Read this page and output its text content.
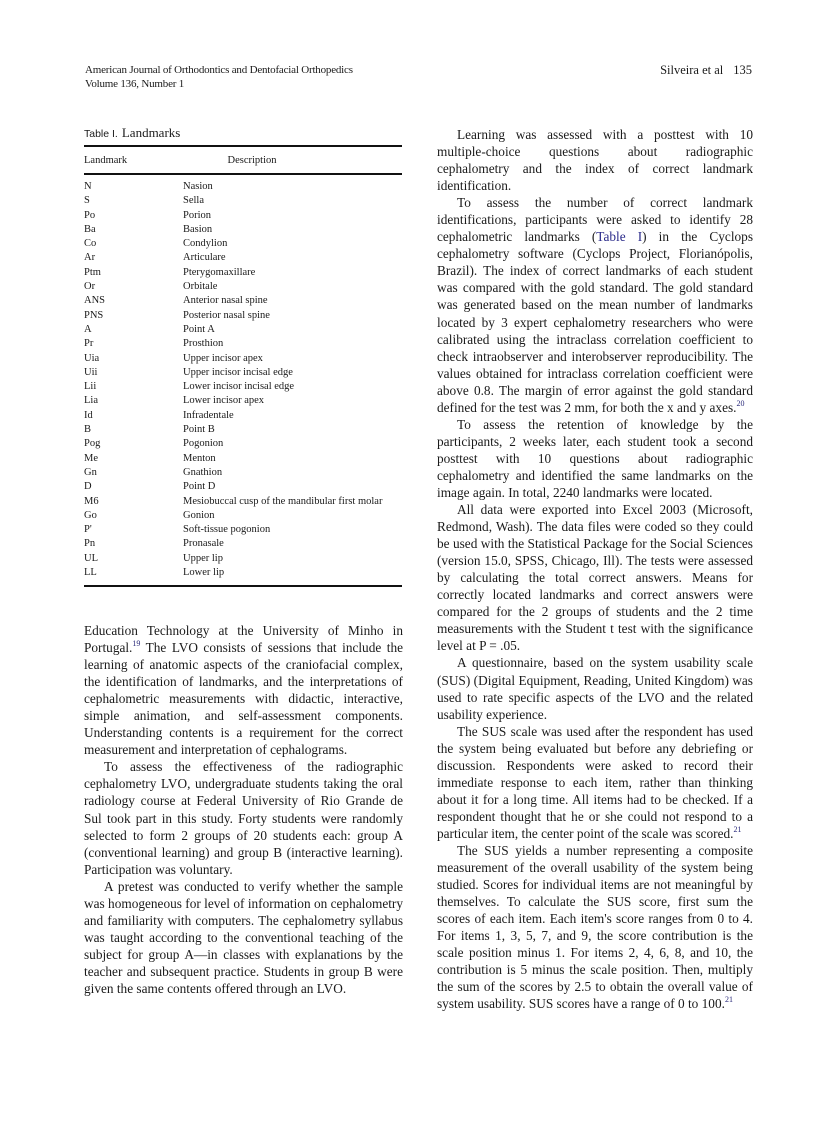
American Journal of Orthodontics and Dentofacial Orthopedics
Volume 136, Number 1
Silveira et al 135
Table I. Landmarks
Landmark	Description
N	Nasion
S	Sella
Po	Porion
Ba	Basion
Co	Condylion
Ar	Articulare
Ptm	Pterygomaxillare
Or	Orbitale
ANS	Anterior nasal spine
PNS	Posterior nasal spine
A	Point A
Pr	Prosthion
Uia	Upper incisor apex
Uii	Upper incisor incisal edge
Lii	Lower incisor incisal edge
Lia	Lower incisor apex
Id	Infradentale
B	Point B
Pog	Pogonion
Me	Menton
Gn	Gnathion
D	Point D
M6	Mesiobuccal cusp of the mandibular first molar
Go	Gonion
P'	Soft-tissue pogonion
Pn	Pronasale
UL	Upper lip
LL	Lower lip

Education Technology at the University of Minho in Portugal.$^{19}$ The LVO consists of sessions that include the learning of anatomic aspects of the craniofacial complex, the identification of landmarks, and the interpretations of cephalometric measurements with didactic, interactive, simple animation, and self-assessment components. Understanding contents is a requirement for the correct measurement and interpretation of cephalograms.

To assess the effectiveness of the radiographic cephalometry LVO, undergraduate students taking the oral radiology course at Federal University of Rio Grande de Sul took part in this study. Forty students were randomly selected to form 2 groups of 20 students each: group A (conventional learning) and group B (interactive learning). Participation was voluntary.

A pretest was conducted to verify whether the sample was homogeneous for level of information on cephalometry and familiarity with computers. The cephalometry syllabus was taught according to the conventional teaching of the subject for group A—in classes with explanations by the teacher and subsequent practice. Students in group B were given the same contents offered through an LVO.

Learning was assessed with a posttest with 10 multiple-choice questions about radiographic cephalometry and the index of correct landmark identification.

To assess the number of correct landmark identifications, participants were asked to identify 28 cephalometric landmarks (Table I) in the Cyclops cephalometry software (Cyclops Project, Florianópolis, Brazil). The index of correct landmarks of each student was compared with the gold standard. The gold standard was generated based on the mean number of landmarks located by 3 expert cephalometry researchers who were calibrated using the intraclass correlation coefficient to check intraobserver and interobserver reproducibility. The values obtained for intraclass correlation coefficient were above 0.8. The margin of error against the gold standard defined for the test was 2 mm, for both the x and y axes.$^{20}$

To assess the retention of knowledge by the participants, 2 weeks later, each student took a second posttest with 10 questions about radiographic cephalometry and identified the same landmarks on the image again. In total, 2240 landmarks were located.

All data were exported into Excel 2003 (Microsoft, Redmond, Wash). The data files were coded so they could be used with the Statistical Package for the Social Sciences (version 15.0, SPSS, Chicago, Ill). The tests were assessed by calculating the total correct answers. Means for correctly located landmarks and correct answers were compared for the 2 groups of students and the 2 time measurements with the Student t test with the significance level at P = .05.

A questionnaire, based on the system usability scale (SUS) (Digital Equipment, Reading, United Kingdom) was used to rate specific aspects of the LVO and the related usability experience.

The SUS scale was used after the respondent has used the system being evaluated but before any debriefing or discussion. Respondents were asked to record their immediate response to each item, rather than thinking about it for a long time. All items had to be checked. If a respondent thought that he or she could not respond to a particular item, the center point of the scale was scored.$^{21}$

The SUS yields a number representing a composite measurement of the overall usability of the system being studied. Scores for individual items are not meaningful by themselves. To calculate the SUS score, first sum the scores of each item. Each item's score ranges from 0 to 4. For items 1, 3, 5, 7, and 9, the score contribution is the scale position minus 1. For items 2, 4, 6, 8, and 10, the contribution is 5 minus the scale position. Then, multiply the sum of the scores by 2.5 to obtain the overall value of system usability. SUS scores have a range of 0 to 100.21
